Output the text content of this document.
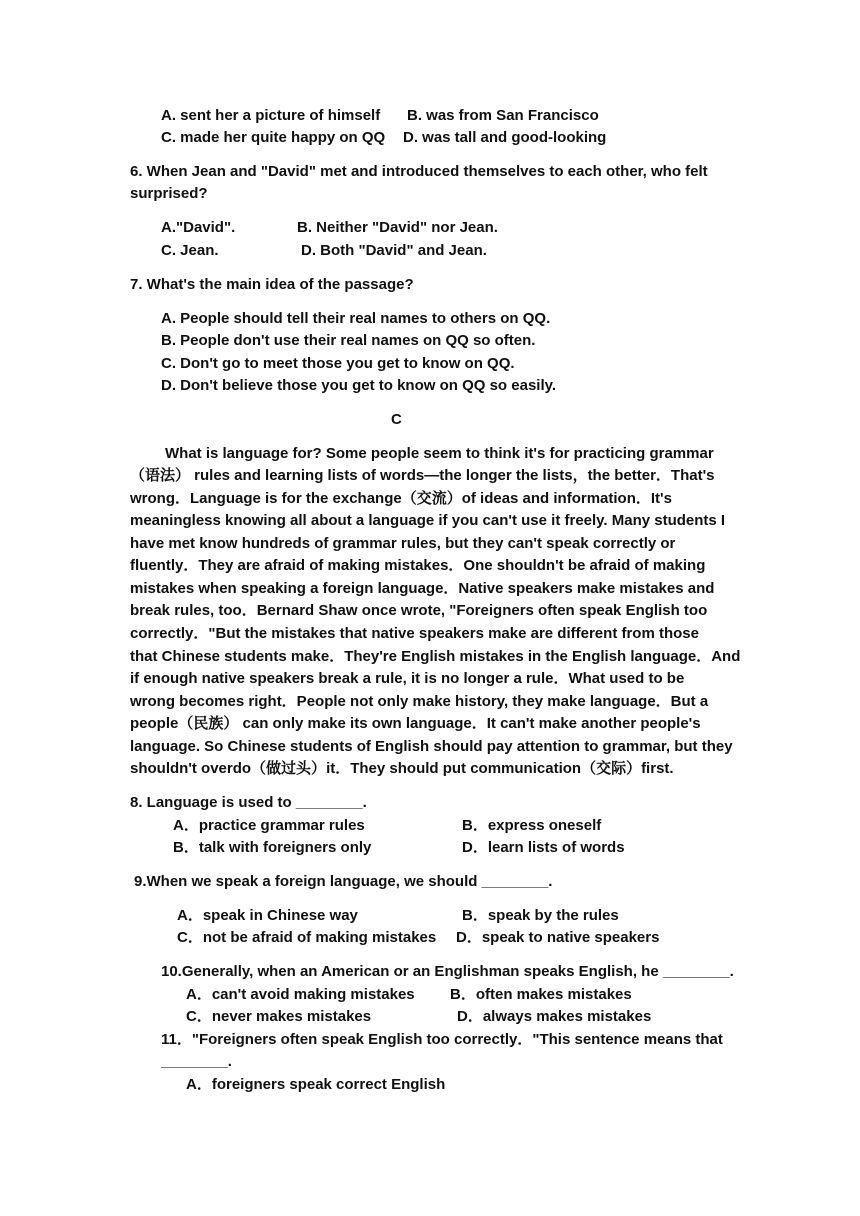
A. sent her a picture of himself B. was from San Francisco
C. made her quite happy on QQ D. was tall and good-looking
6. When Jean and "David" met and introduced themselves to each other, who felt
surprised?
A."David".	B. Neither "David" nor Jean.
C. Jean.	D. Both "David" and Jean.
7. What's the main idea of the passage?
A. People should tell their real names to others on QQ.
B. People don't use their real names on QQ so often.
C. Don't go to meet those you get to know on QQ.
D. Don't believe those you get to know on QQ so easily.
C
What is language for? Some people seem to think it's for practicing grammar
（语法） rules and learning lists of words—the longer the lists，the better．That's
wrong．Language is for the exchange（交流）of ideas and information．It's
meaningless knowing all about a language if you can't use it freely. Many students I
have met know hundreds of grammar rules, but they can't speak correctly or
fluently．They are afraid of making mistakes．One shouldn't be afraid of making
mistakes when speaking a foreign language．Native speakers make mistakes and
break rules, too．Bernard Shaw once wrote, "Foreigners often speak English too
correctly．"But the mistakes that native speakers make are different from those
that Chinese students make．They're English mistakes in the English language．And
if enough native speakers break a rule, it is no longer a rule．What used to be
wrong becomes right．People not only make history, they make language．But a
people（民族） can only make its own language．It can't make another people's
language. So Chinese students of English should pay attention to grammar, but they
shouldn't overdo（做过头）it．They should put communication（交际）first.
8. Language is used to ________.
A．practice grammar rules	B．express oneself
B．talk with foreigners only	D．learn lists of words
9.When we speak a foreign language, we should ________.
A．speak in Chinese way	B．speak by the rules
C．not be afraid of making mistakes D．speak to native speakers
10.Generally, when an American or an Englishman speaks English, he ________.
A．can't avoid making mistakes B．often makes mistakes
C．never makes mistakes	D．always makes mistakes
11．"Foreigners often speak English too correctly．"This sentence means that
________.
A．foreigners speak correct English
